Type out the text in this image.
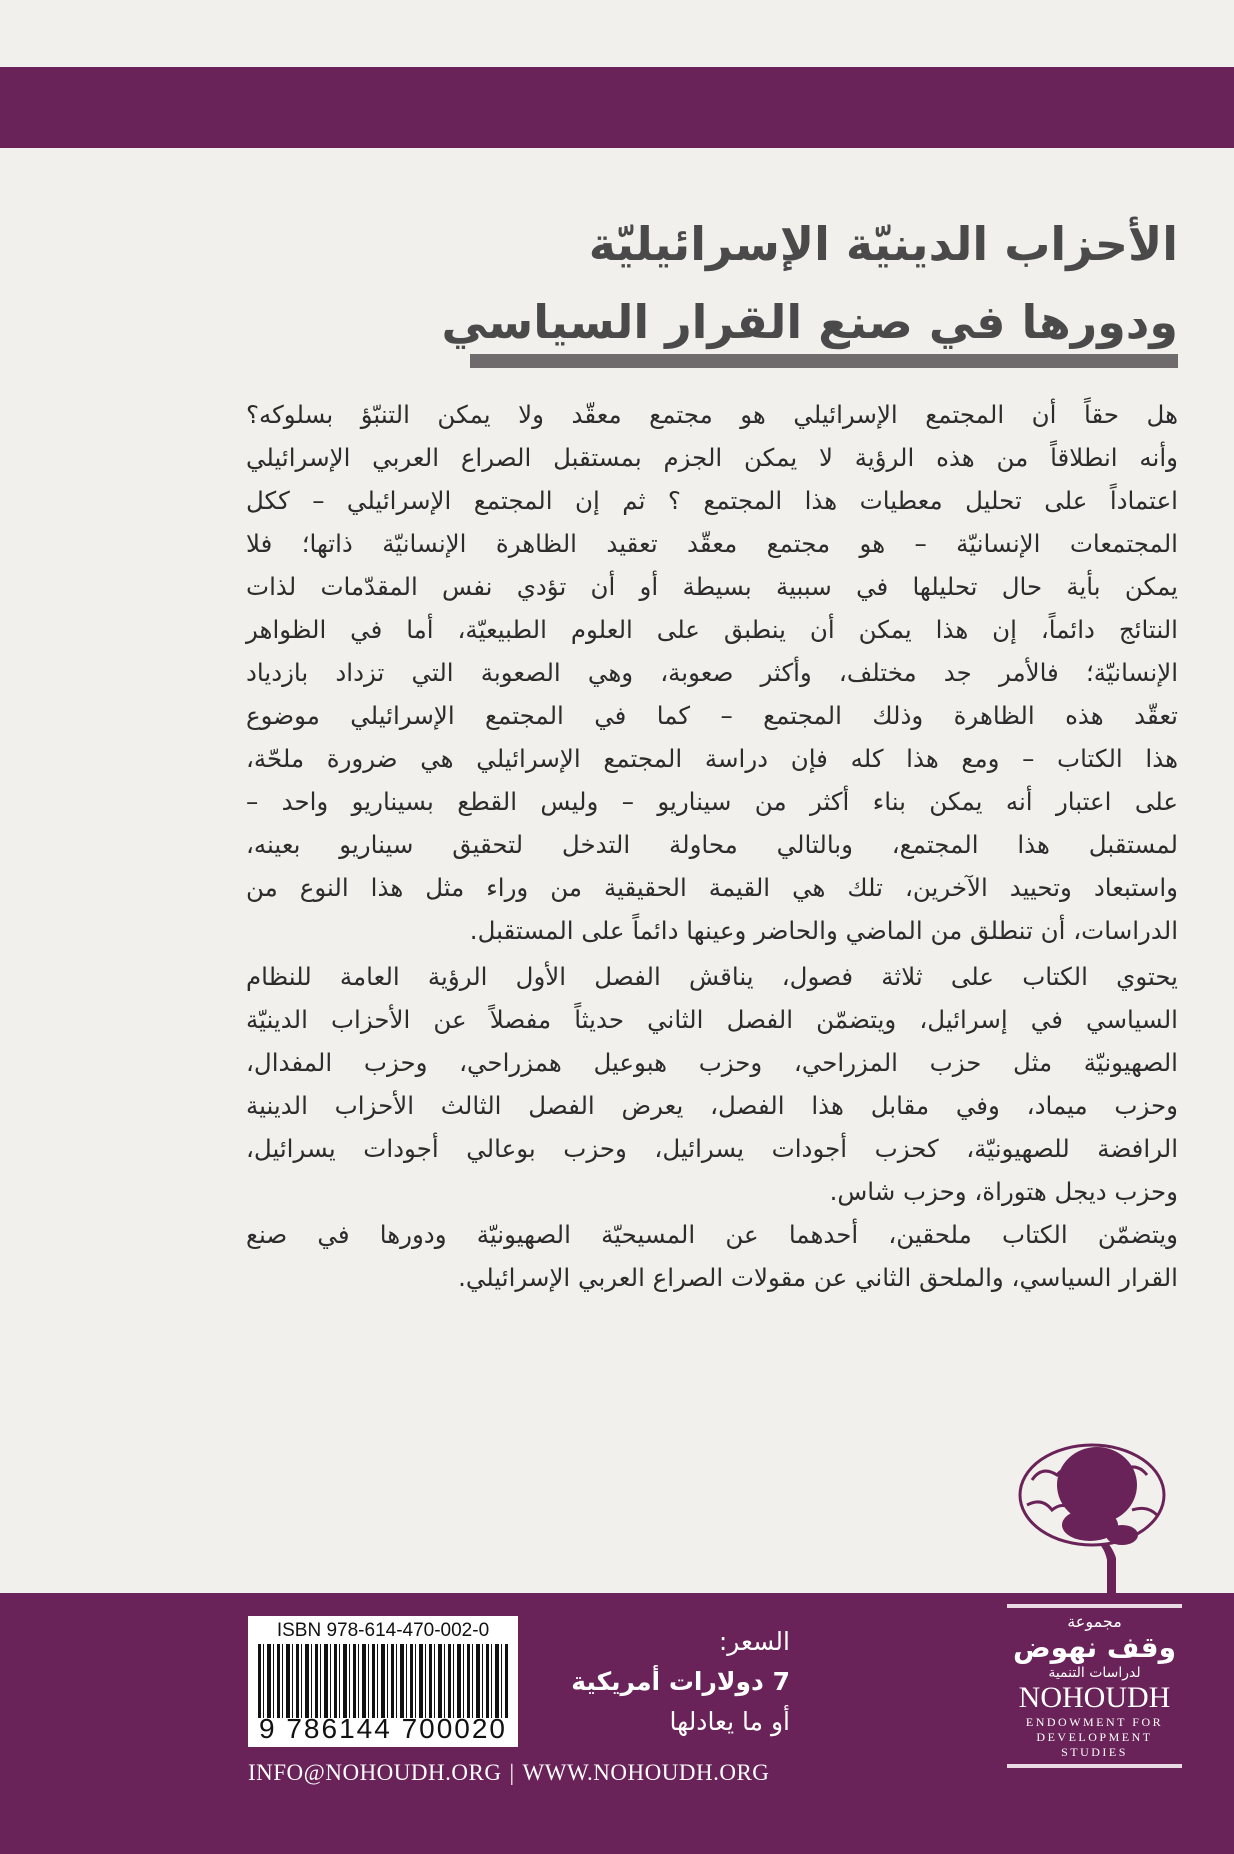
الأحزاب الدينيّة الإسرائيليّة
ودورها في صنع القرار السياسي
هل حقاً أن المجتمع الإسرائيلي هو مجتمع معقّد ولا يمكن التنبّؤ بسلوكه؟
وأنه انطلاقاً من هذه الرؤية لا يمكن الجزم بمستقبل الصراع العربي الإسرائيلي
اعتماداً على تحليل معطيات هذا المجتمع ؟ ثم إن المجتمع الإسرائيلي – ككل
المجتمعات الإنسانيّة – هو مجتمع معقّد تعقيد الظاهرة الإنسانيّة ذاتها؛ فلا
يمكن بأية حال تحليلها في سببية بسيطة أو أن تؤدي نفس المقدّمات لذات
النتائج دائماً، إن هذا يمكن أن ينطبق على العلوم الطبيعيّة، أما في الظواهر
الإنسانيّة؛ فالأمر جد مختلف، وأكثر صعوبة، وهي الصعوبة التي تزداد بازدياد
تعقّد هذه الظاهرة وذلك المجتمع – كما في المجتمع الإسرائيلي موضوع
هذا الكتاب – ومع هذا كله فإن دراسة المجتمع الإسرائيلي هي ضرورة ملحّة،
على اعتبار أنه يمكن بناء أكثر من سيناريو – وليس القطع بسيناريو واحد –
لمستقبل هذا المجتمع، وبالتالي محاولة التدخل لتحقيق سيناريو بعينه،
واستبعاد وتحييد الآخرين، تلك هي القيمة الحقيقية من وراء مثل هذا النوع من
الدراسات، أن تنطلق من الماضي والحاضر وعينها دائماً على المستقبل.
يحتوي الكتاب على ثلاثة فصول، يناقش الفصل الأول الرؤية العامة للنظام
السياسي في إسرائيل، ويتضمّن الفصل الثاني حديثاً مفصلاً عن الأحزاب الدينيّة
الصهيونيّة مثل حزب المزراحي، وحزب هبوعيل همزراحي، وحزب المفدال،
وحزب ميماد، وفي مقابل هذا الفصل، يعرض الفصل الثالث الأحزاب الدينية
الرافضة للصهيونيّة، كحزب أجودات يسرائيل، وحزب بوعالي أجودات يسرائيل،
وحزب ديجل هتوراة، وحزب شاس.
ويتضمّن الكتاب ملحقين، أحدهما عن المسيحيّة الصهيونيّة ودورها في صنع
القرار السياسي، والملحق الثاني عن مقولات الصراع العربي الإسرائيلي.
ISBN 978-614-470-002-0
9 786144 700020
السعر:
7 دولارات أمريكية
أو ما يعادلها
INFO@NOHOUDH.ORG | WWW.NOHOUDH.ORG
مجموعة
وقف نهوض
لدراسات التنمية
NOHOUDH
ENDOWMENT FOR
DEVELOPMENT STUDIES
